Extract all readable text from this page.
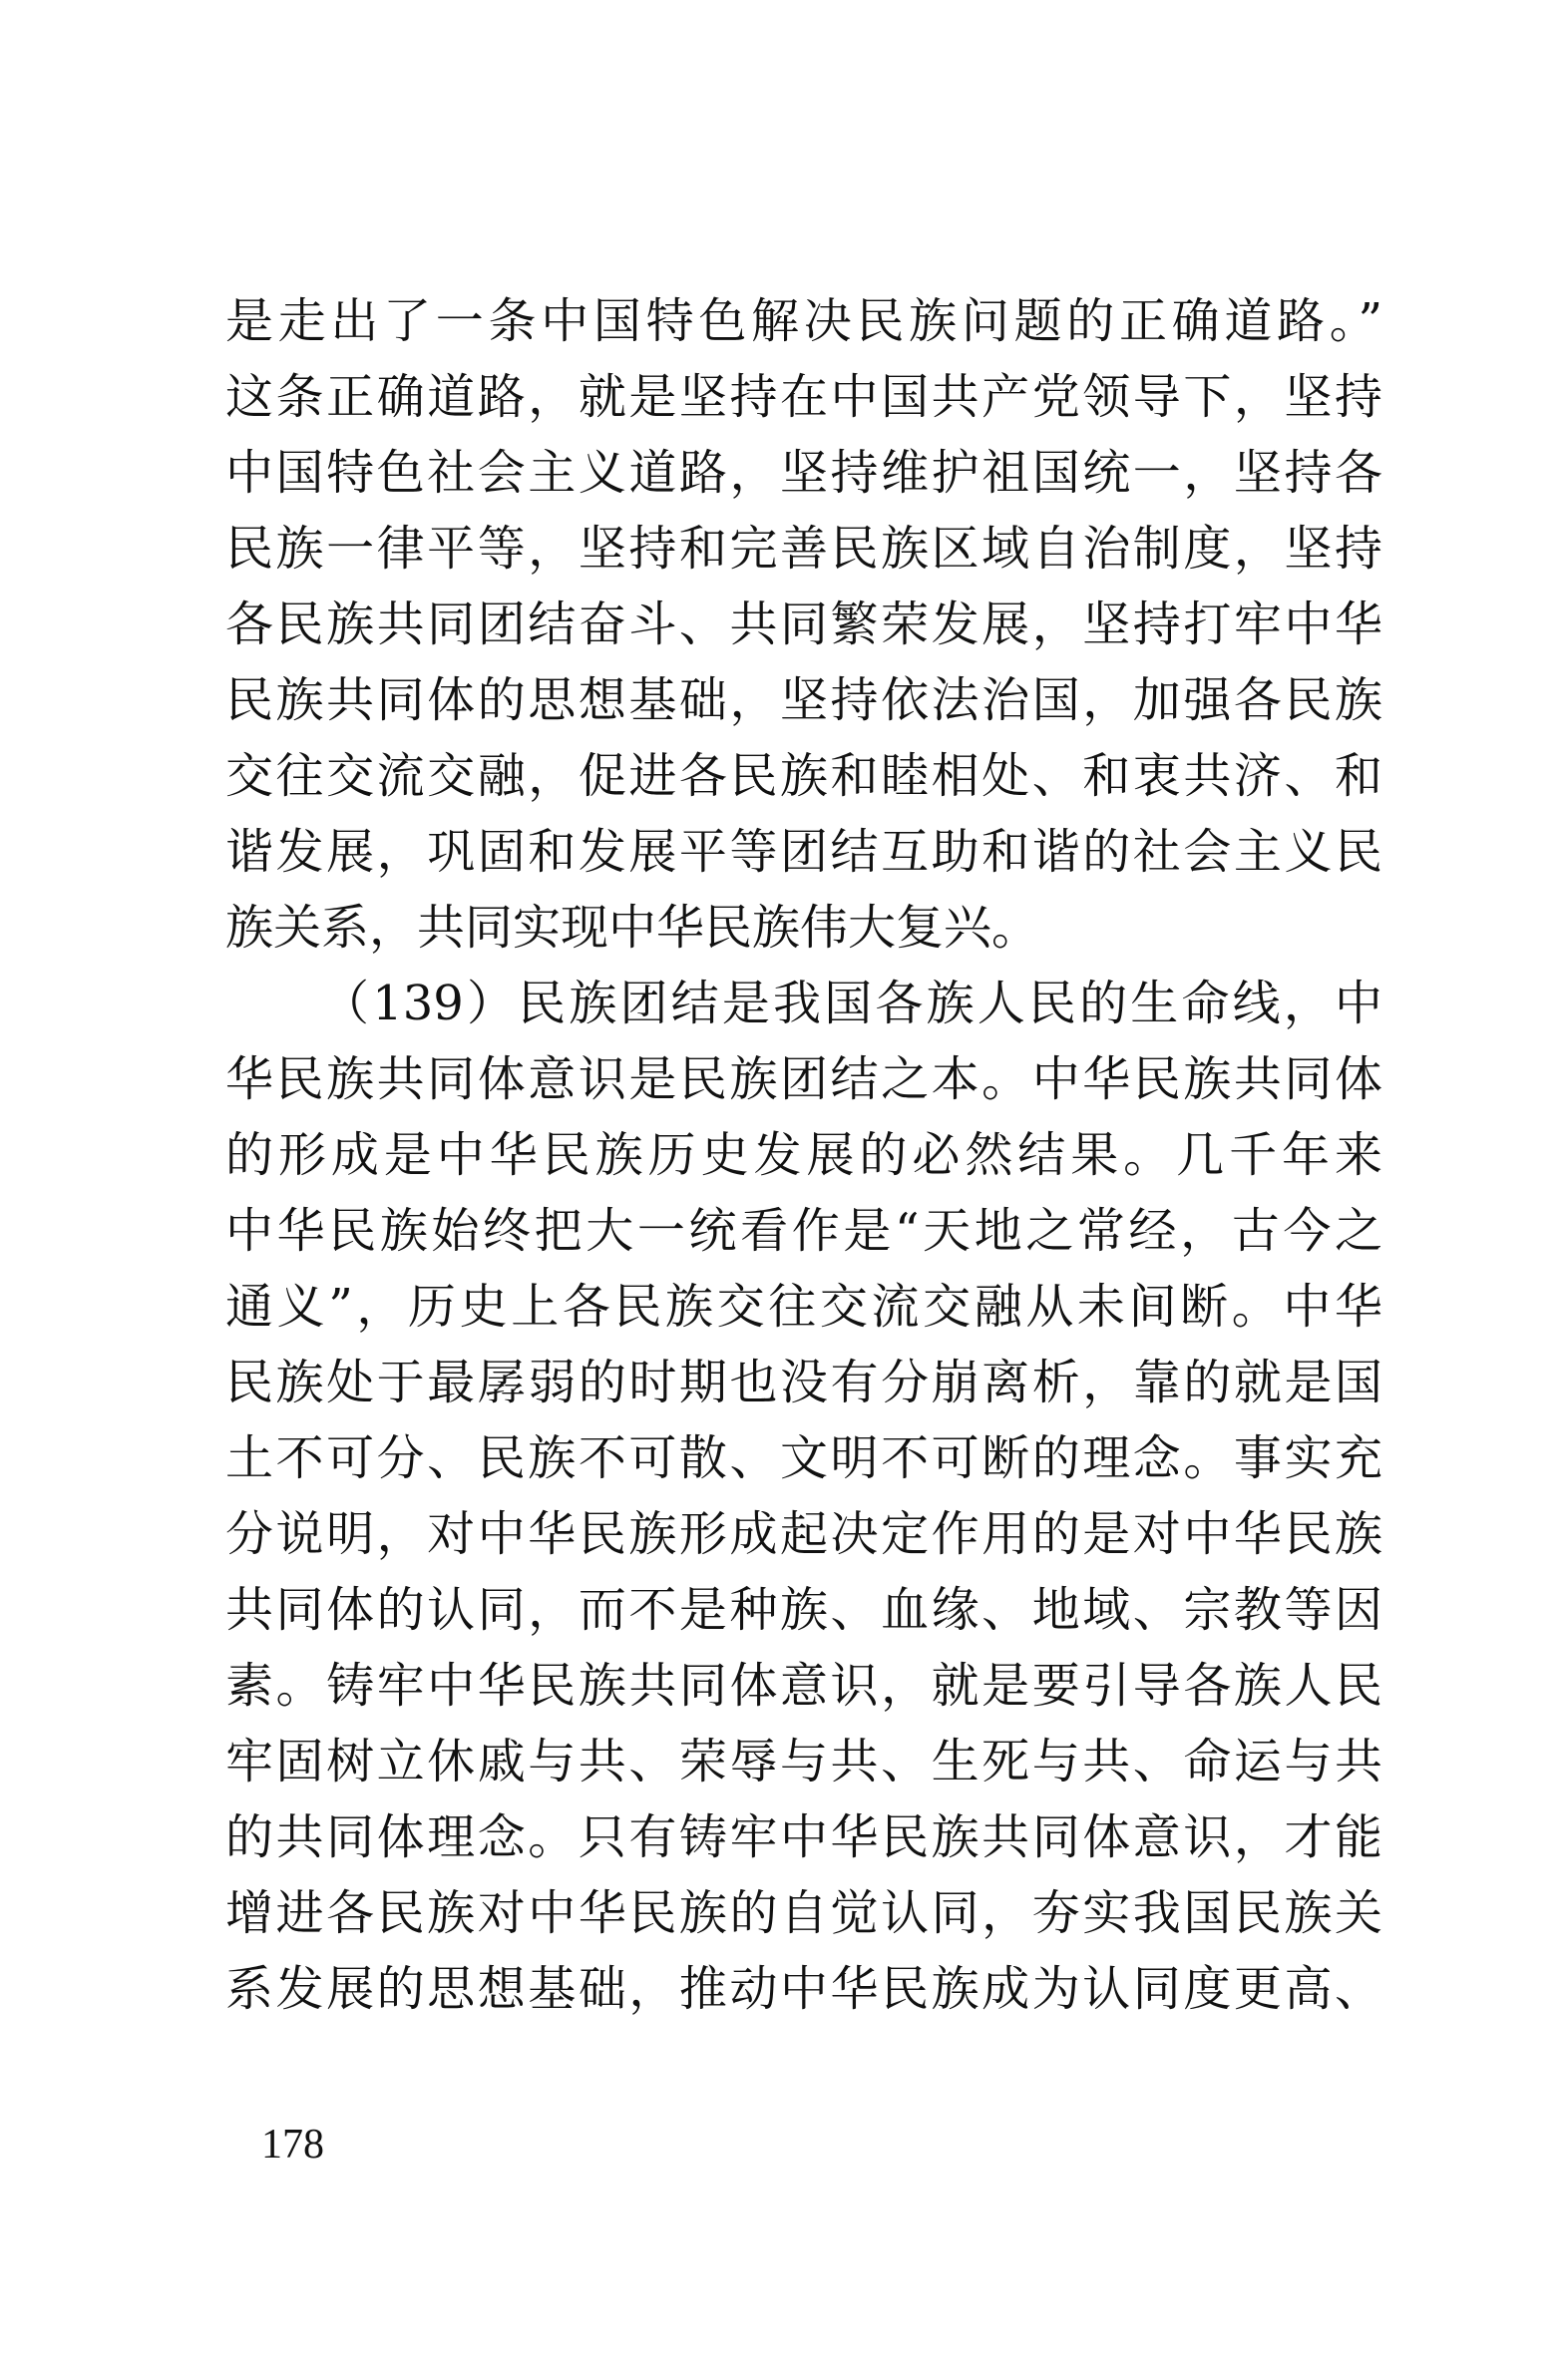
是走出了一条中国特色解决民族问题的正确道路。”
这条正确道路，就是坚持在中国共产党领导下，坚持
中国特色社会主义道路，坚持维护祖国统一，坚持各
民族一律平等，坚持和完善民族区域自治制度，坚持
各民族共同团结奋斗、共同繁荣发展，坚持打牢中华
民族共同体的思想基础，坚持依法治国，加强各民族
交往交流交融，促进各民族和睦相处、和衷共济、和
谐发展，巩固和发展平等团结互助和谐的社会主义民
族关系，共同实现中华民族伟大复兴。
（139）民族团结是我国各族人民的生命线，中
华民族共同体意识是民族团结之本。中华民族共同体
的形成是中华民族历史发展的必然结果。几千年来
中华民族始终把大一统看作是“天地之常经，古今之
通义”，历史上各民族交往交流交融从未间断。中华
民族处于最孱弱的时期也没有分崩离析，靠的就是国
土不可分、民族不可散、文明不可断的理念。事实充
分说明，对中华民族形成起决定作用的是对中华民族
共同体的认同，而不是种族、血缘、地域、宗教等因
素。铸牢中华民族共同体意识，就是要引导各族人民
牢固树立休戚与共、荣辱与共、生死与共、命运与共
的共同体理念。只有铸牢中华民族共同体意识，才能
增进各民族对中华民族的自觉认同，夯实我国民族关
系发展的思想基础，推动中华民族成为认同度更高、
178
